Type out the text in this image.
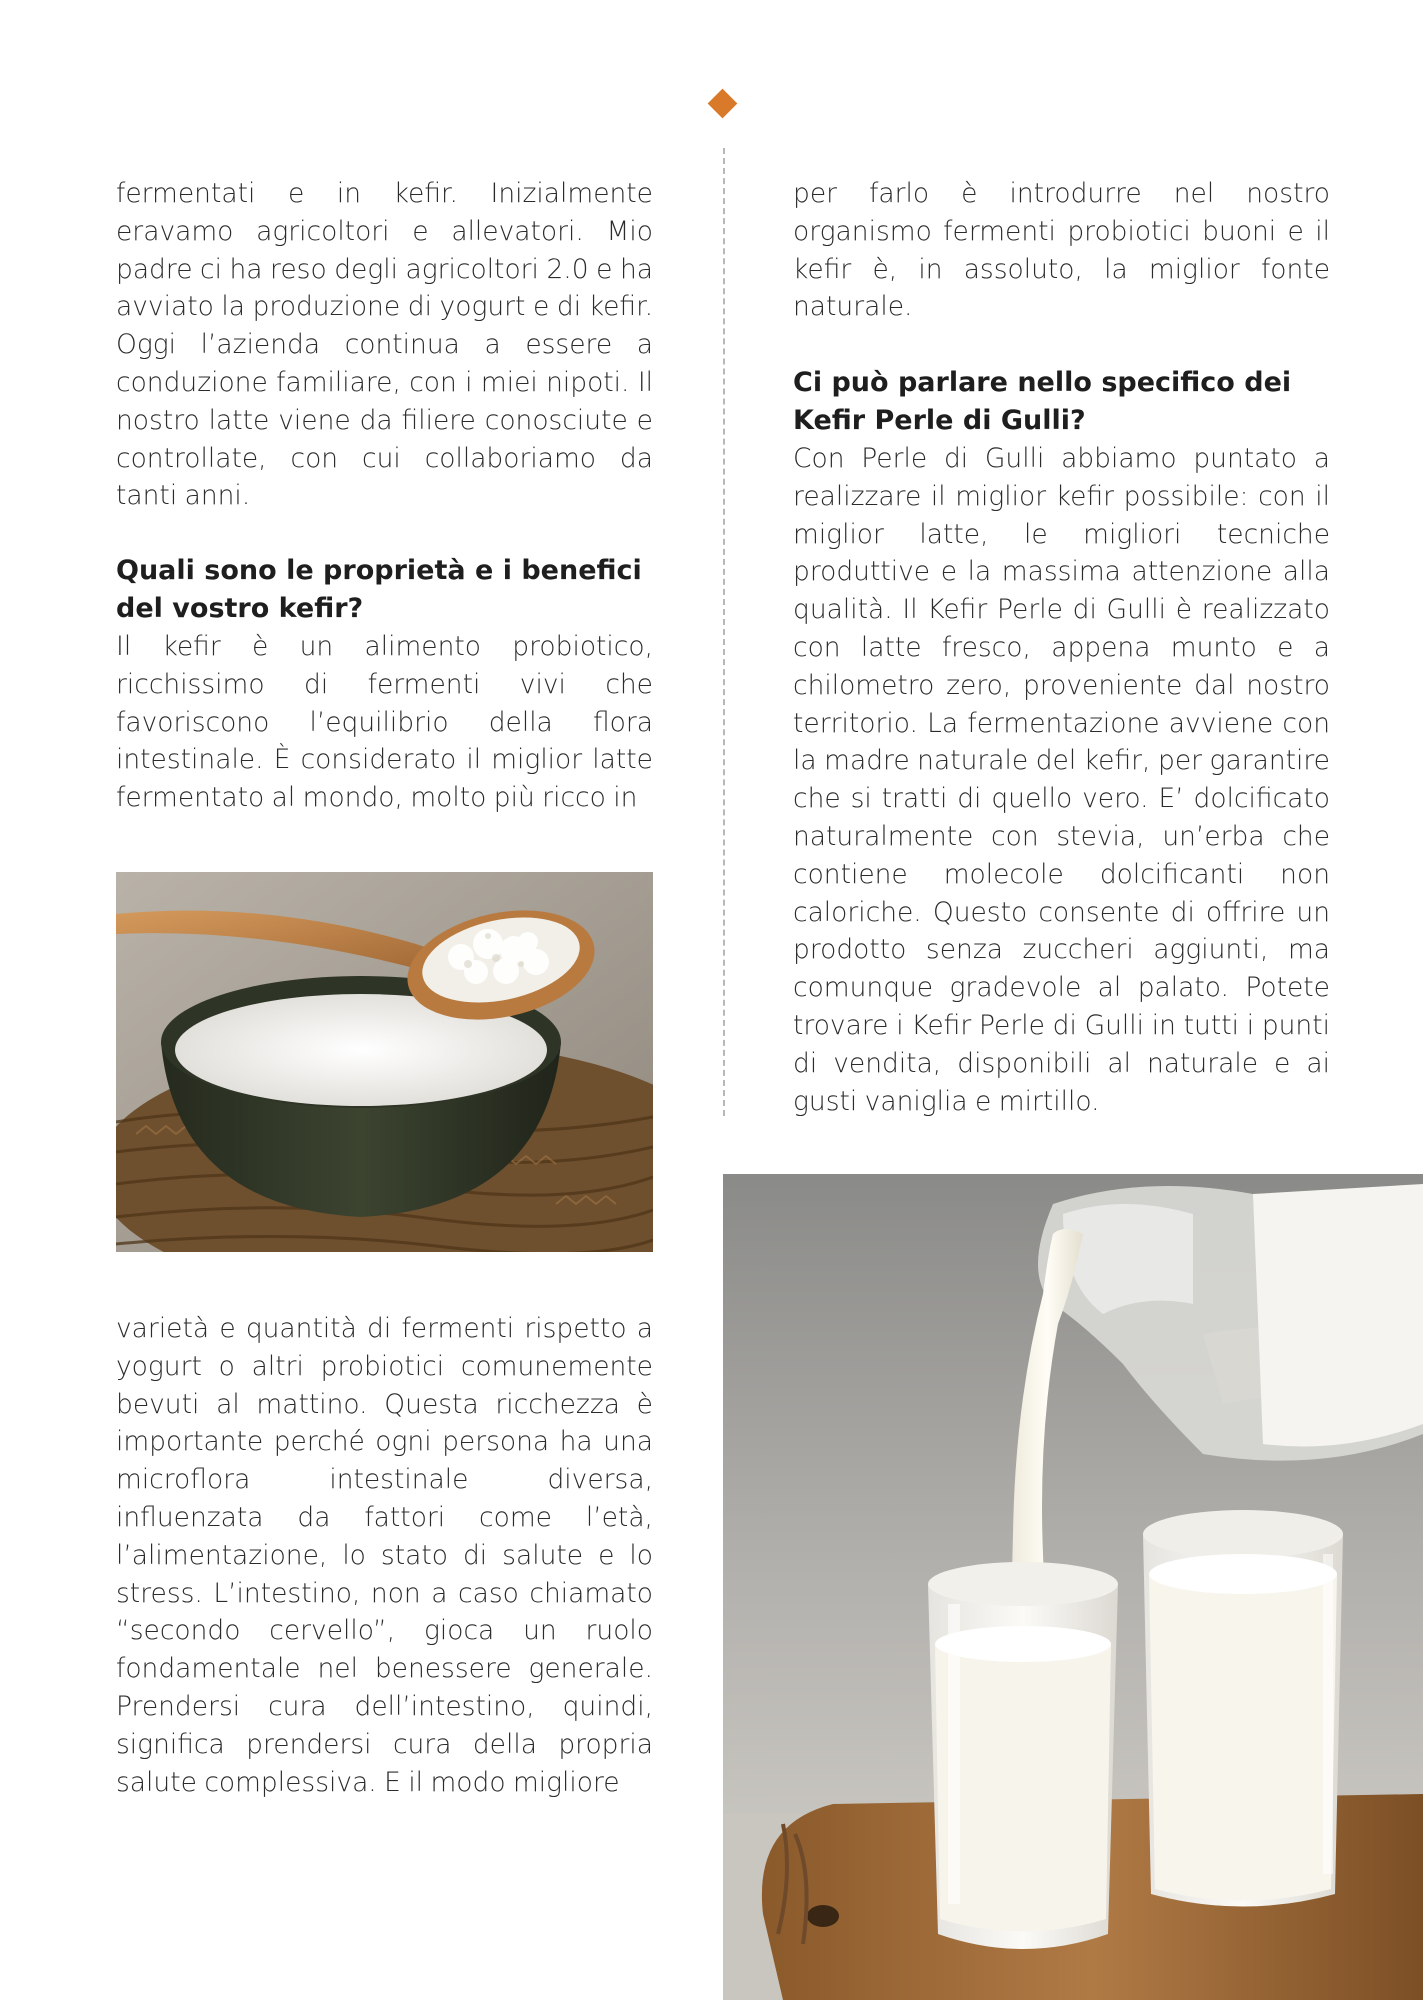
fermentati e in kefir. Inizialmente eravamo agricoltori e allevatori. Mio padre ci ha reso degli agricoltori 2.0 e ha avviato la produzione di yogurt e di kefir. Oggi l’azienda continua a essere a conduzione familiare, con i miei nipoti. Il nostro latte viene da filiere conosciute e controllate, con cui collaboriamo da tanti anni.

Quali sono le proprietà e i benefici del vostro kefir?

Il kefir è un alimento probiotico, ricchissimo di fermenti vivi che favoriscono l’equilibrio della flora intestinale. È considerato il miglior latte fermentato al mondo, molto più ricco in

varietà e quantità di fermenti rispetto a yogurt o altri probiotici comunemente bevuti al mattino. Questa ricchezza è importante perché ogni persona ha una microflora intestinale diversa, influenzata da fattori come l’età, l’alimentazione, lo stato di salute e lo stress. L’intestino, non a caso chiamato “secondo cervello”, gioca un ruolo fondamentale nel benessere generale. Prendersi cura dell’intestino, quindi, significa prendersi cura della propria salute complessiva. E il modo migliore

per farlo è introdurre nel nostro organismo fermenti probiotici buoni e il kefir è, in assoluto, la miglior fonte naturale.

Ci può parlare nello specifico dei Kefir Perle di Gulli?

Con Perle di Gulli abbiamo puntato a realizzare il miglior kefir possibile: con il miglior latte, le migliori tecniche produttive e la massima attenzione alla qualità. Il Kefir Perle di Gulli è realizzato con latte fresco, appena munto e a chilometro zero, proveniente dal nostro territorio. La fermentazione avviene con la madre naturale del kefir, per garantire che si tratti di quello vero. E’ dolcificato naturalmente con stevia, un’erba che contiene molecole dolcificanti non caloriche. Questo consente di offrire un prodotto senza zuccheri aggiunti, ma comunque gradevole al palato. Potete trovare i Kefir Perle di Gulli in tutti i punti di vendita, disponibili al naturale e ai gusti vaniglia e mirtillo.
